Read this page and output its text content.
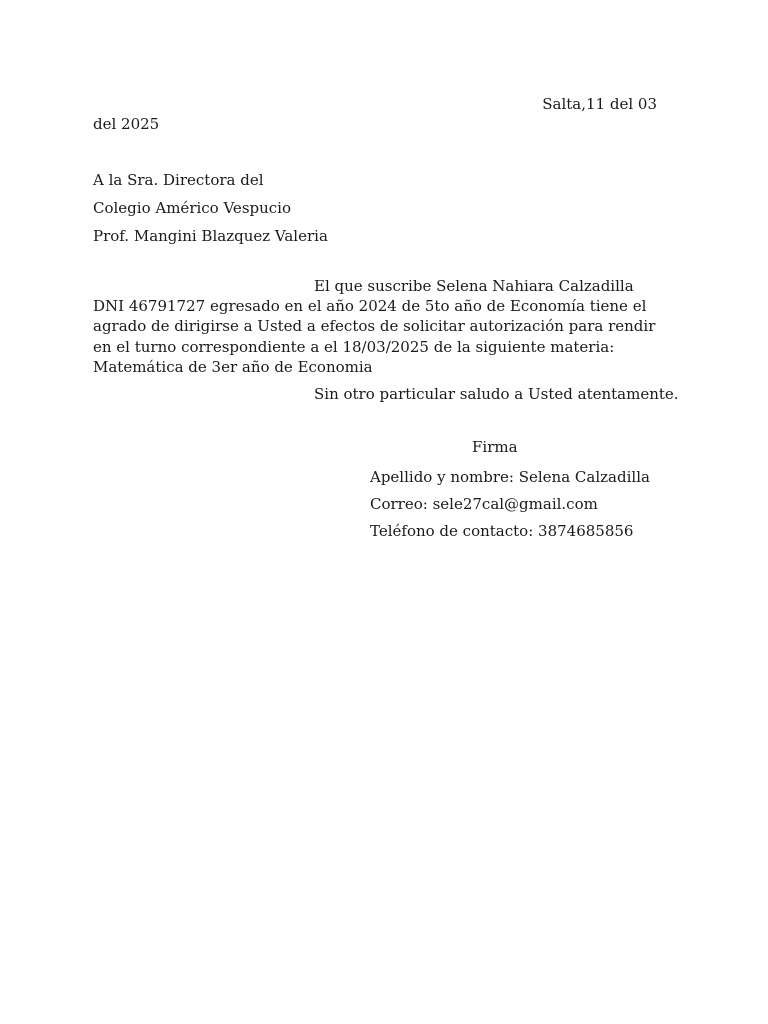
Salta,11 del 03
del 2025
A la Sra. Directora del
Colegio Américo Vespucio
Prof. Mangini Blazquez Valeria
El que suscribe Selena Nahiara Calzadilla DNI 46791727 egresado en el año 2024 de 5to año de Economía tiene el agrado de dirigirse a Usted a efectos de solicitar autorización para rendir en el turno correspondiente a el 18/03/2025 de la siguiente materia: Matemática de 3er año de Economia
Sin otro particular saludo a Usted atentamente.
Firma
Apellido y nombre: Selena Calzadilla
Correo: sele27cal@gmail.com
Teléfono de contacto: 3874685856
